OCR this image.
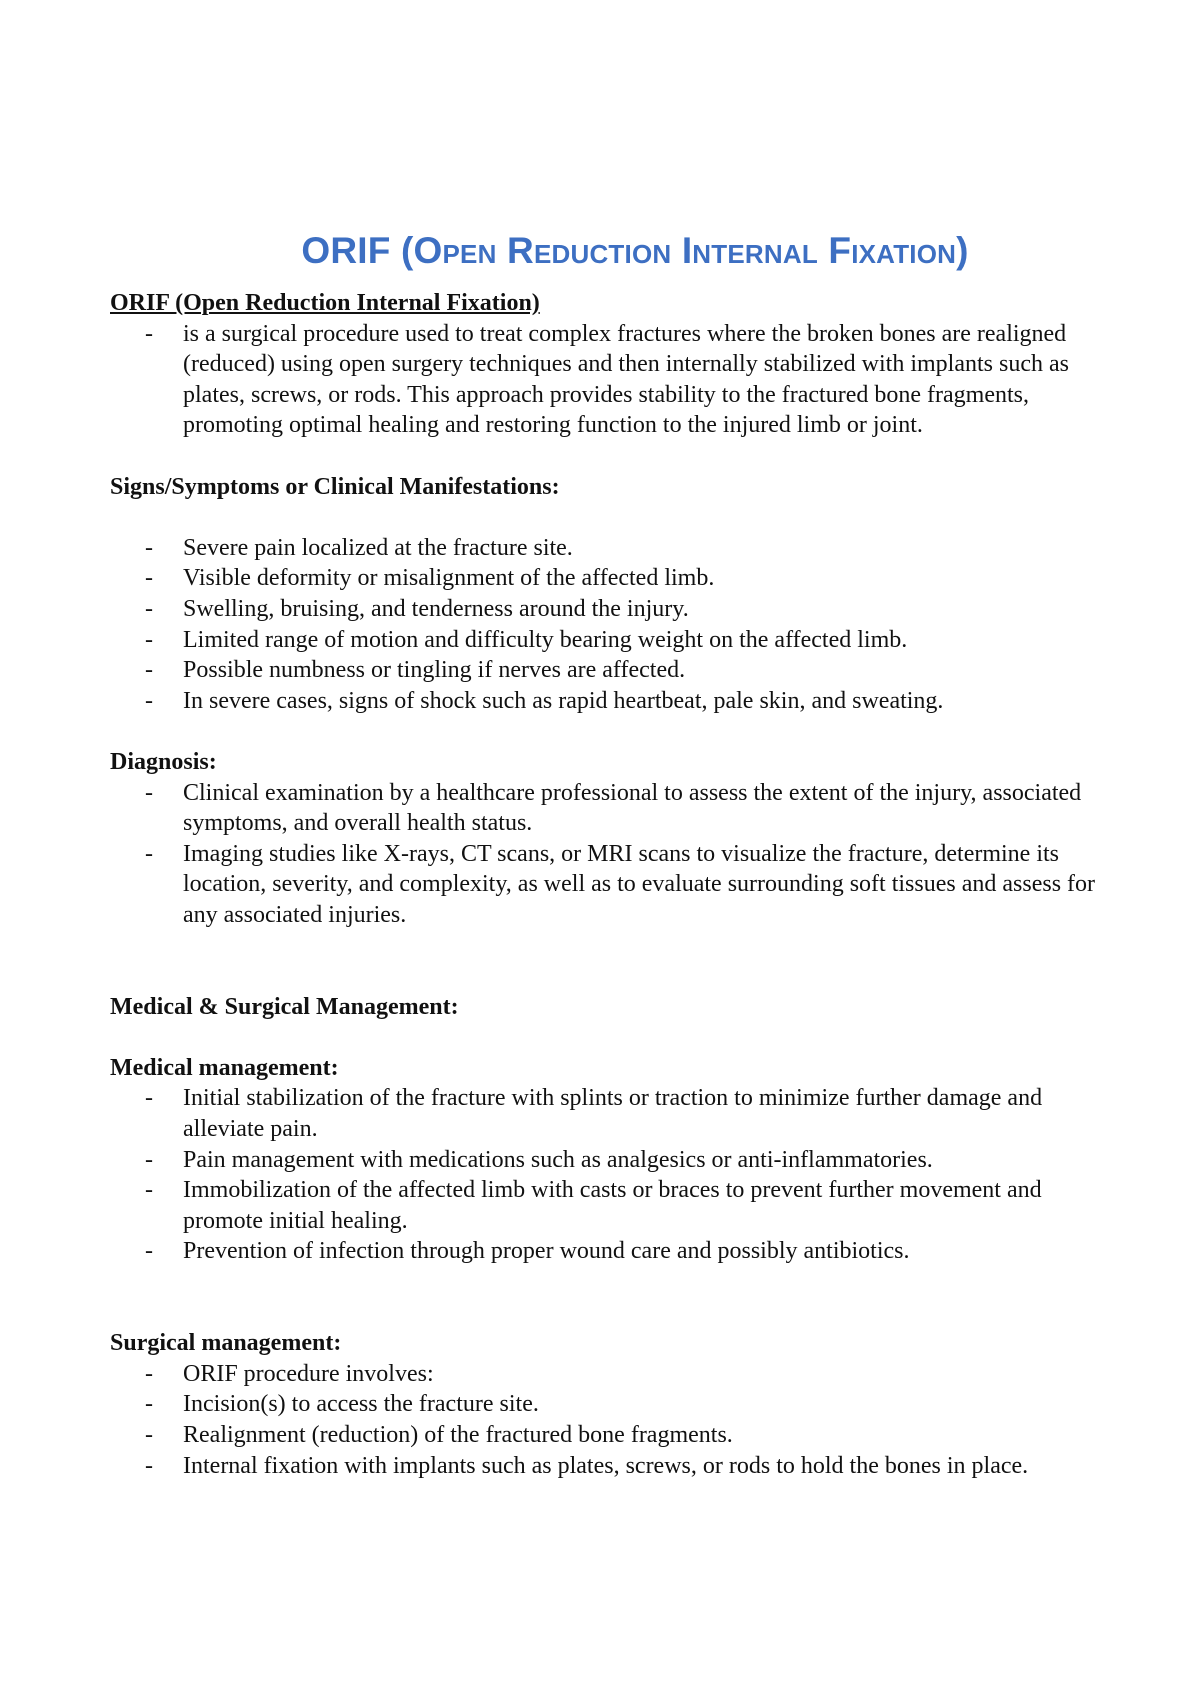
ORIF (Open Reduction Internal Fixation)

ORIF (Open Reduction Internal Fixation)

- is a surgical procedure used to treat complex fractures where the broken bones are realigned (reduced) using open surgery techniques and then internally stabilized with implants such as plates, screws, or rods. This approach provides stability to the fractured bone fragments, promoting optimal healing and restoring function to the injured limb or joint.

Signs/Symptoms or Clinical Manifestations:

- Severe pain localized at the fracture site.
- Visible deformity or misalignment of the affected limb.
- Swelling, bruising, and tenderness around the injury.
- Limited range of motion and difficulty bearing weight on the affected limb.
- Possible numbness or tingling if nerves are affected.
- In severe cases, signs of shock such as rapid heartbeat, pale skin, and sweating.

Diagnosis:

- Clinical examination by a healthcare professional to assess the extent of the injury, associated symptoms, and overall health status.
- Imaging studies like X-rays, CT scans, or MRI scans to visualize the fracture, determine its location, severity, and complexity, as well as to evaluate surrounding soft tissues and assess for any associated injuries.

Medical & Surgical Management:

Medical management:

- Initial stabilization of the fracture with splints or traction to minimize further damage and alleviate pain.
- Pain management with medications such as analgesics or anti-inflammatories.
- Immobilization of the affected limb with casts or braces to prevent further movement and promote initial healing.
- Prevention of infection through proper wound care and possibly antibiotics.

Surgical management:

- ORIF procedure involves:
- Incision(s) to access the fracture site.
- Realignment (reduction) of the fractured bone fragments.
- Internal fixation with implants such as plates, screws, or rods to hold the bones in place.
